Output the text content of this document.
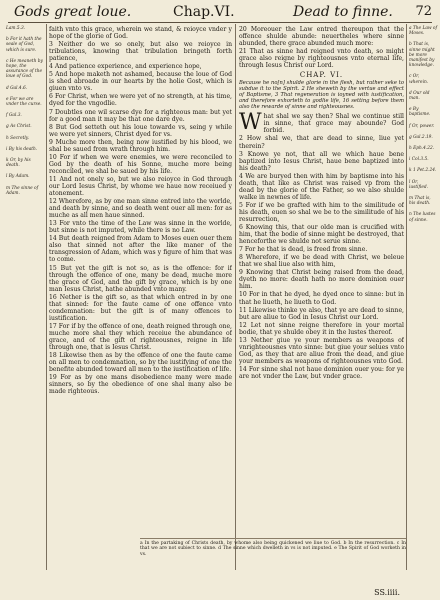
Gods great loue.	Chap.VI.	Dead to finne. 72
Lam.5.3.
b For it hath the seale of God, which is sure.
c He meaneth by hope, the assurance of the loue of God.
d Gal.4.6.
e For we are vnder the curse.
f Gal.3.
g As Christ.
h Secretly.
i By his death.
k Or, by his death.
l By Adam.
m The sinne of Adam.

faith vnto this grace, wherein we stand, & reioyce vnder y hope of the glorie of God.

3 Neither do we so onely, but also we reioyce in tribulations, knowing that tribulation bringeth forth patience,

4 And patience experience, and experience hope,

5 And hope maketh not ashamed, because the loue of God is shed abroade in our hearts by the holie Gost, which is giuen vnto vs.

6 For Christ, when we were yet of no strength, at his time, dyed for the vngodlie.

7 Doubtles one wil scarse dye for a righteous man: but yet for a good man it may be that one dare dye.

8 But God setteth out his loue towarde vs, seing y while we were yet sinners, Christ dyed for vs.

9 Muche more then, being now iustified by his blood, we shal be saued from wrath through him.

10 For if when we were enemies, we were reconciled to God by the death of his Sonne, muche more being reconciled, we shal be saued by his life.

11 And not onely so, but we also reioyce in God through our Lord Iesus Christ, by whome we haue now receiued y atonement.

12 Wherefore, as by one man sinne entred into the worlde, and death by sinne, and so death went ouer all men: for as muche as all men haue sinned.

13 For vnto the time of the Law was sinne in the worlde, but sinne is not imputed, while there is no Law.

14 But death reigned from Adam to Moses euen ouer them also that sinned not after the like maner of the transgression of Adam, which was y figure of him that was to come.

15 But yet the gift is not so, as is the offence: for if through the offence of one, many be dead, muche more the grace of God, and the gift by grace, which is by one man Iesus Christ, hathe abunded vnto many.

16 Nether is the gift so, as that which entred in by one that sinned: for the faute came of one offence vnto condemnation: but the gift is of many offences to iustification.

17 For if by the offence of one, death reigned through one, muche more shal they which receiue the abundance of grace, and of the gift of righteousnes, reigne in life through one, that is Iesus Christ.

18 Likewise then as by the offence of one the faute came on all men to condemnation, so by the iustifying of one the benefite abunded toward all men to the iustification of life.

19 For as by one mans disobedience many were made sinners, so by the obedience of one shal many also be made righteous.

20 Moreouer the Law entred thereupon that the offence shulde abunde: neuertheles where sinne abunded, there grace abunded much more:

21 That as sinne had reigned vnto death, so might grace also reigne by righteousnes vnto eternal life, through Iesus Christ our Lord.

CHAP. VI.
Because he no[n] shulde glorie in the flesh, but rather seke to subdue it to the Spirit. 2 He sheweth by the vertue and effect of Baptisme, 3 That regeneration is ioyned with iustification, and therefore exhorteth to godlie life, 16 setting before them also the rewarde of sinne and righteousnes.

What shal we say then? Shal we continue still in sinne, that grace may abounde? God forbid.

2 How shal we, that are dead to sinne, liue yet therein?

3 Knowe ye not, that all we which haue bene baptized into Iesus Christ, haue bene baptized into his death?

4 We are buryed then with him by baptisme into his death, that like as Christ was raised vp from the dead by the glorie of the Father, so we also shulde walke in newnes of life.

5 For if we be grafted with him to the similitude of his death, euen so shal we be to the similitude of his resurrection,

6 Knowing this, that our olde man is crucified with him, that the bodie of sinne might be destroyed, that henceforthe we shulde not serue sinne.

7 For he that is dead, is freed from sinne.

8 Wherefore, if we be dead with Christ, we beleue that we shal liue also with him,

9 Knowing that Christ being raised from the dead, dyeth no more: death hath no more dominion ouer him.

10 For in that he dyed, he dyed once to sinne: but in that he liueth, he liueth to God.

11 Likewise thinke ye also, that ye are dead to sinne, but are aliue to God in Iesus Christ our Lord.

12 Let not sinne reigne therefore in your mortal bodie, that ye shulde obey it in the lustes thereof.

13 Nether giue ye your members as weapons of vnrighteousnes vnto sinne: but giue your selues vnto God, as they that are aliue from the dead, and giue your members as weapons of righteousnes vnto God.

14 For sinne shal not haue dominion ouer you: for ye are not vnder the Law, but vnder grace.

a The Law of Moses.
b That is, sinne might be more manifest by knowledge.
c Or, wherein.
d Our old man.
e By baptisme.
f Or, power.
g Gal.2.19.
h Eph.4.22.
i Col.3.5.
k 1 Pet.2.24.
l Or, iustified.
m That is, his death.
n The lustes of sinne.
a In the partaking of Christs death, by whome also being quickened we liue to God. b In the resurrection. c In that we are not subiect to sinne. d The sinne which dwelleth in vs is not imputed. e The Spirit of God worketh in vs.
SS.iiii.
